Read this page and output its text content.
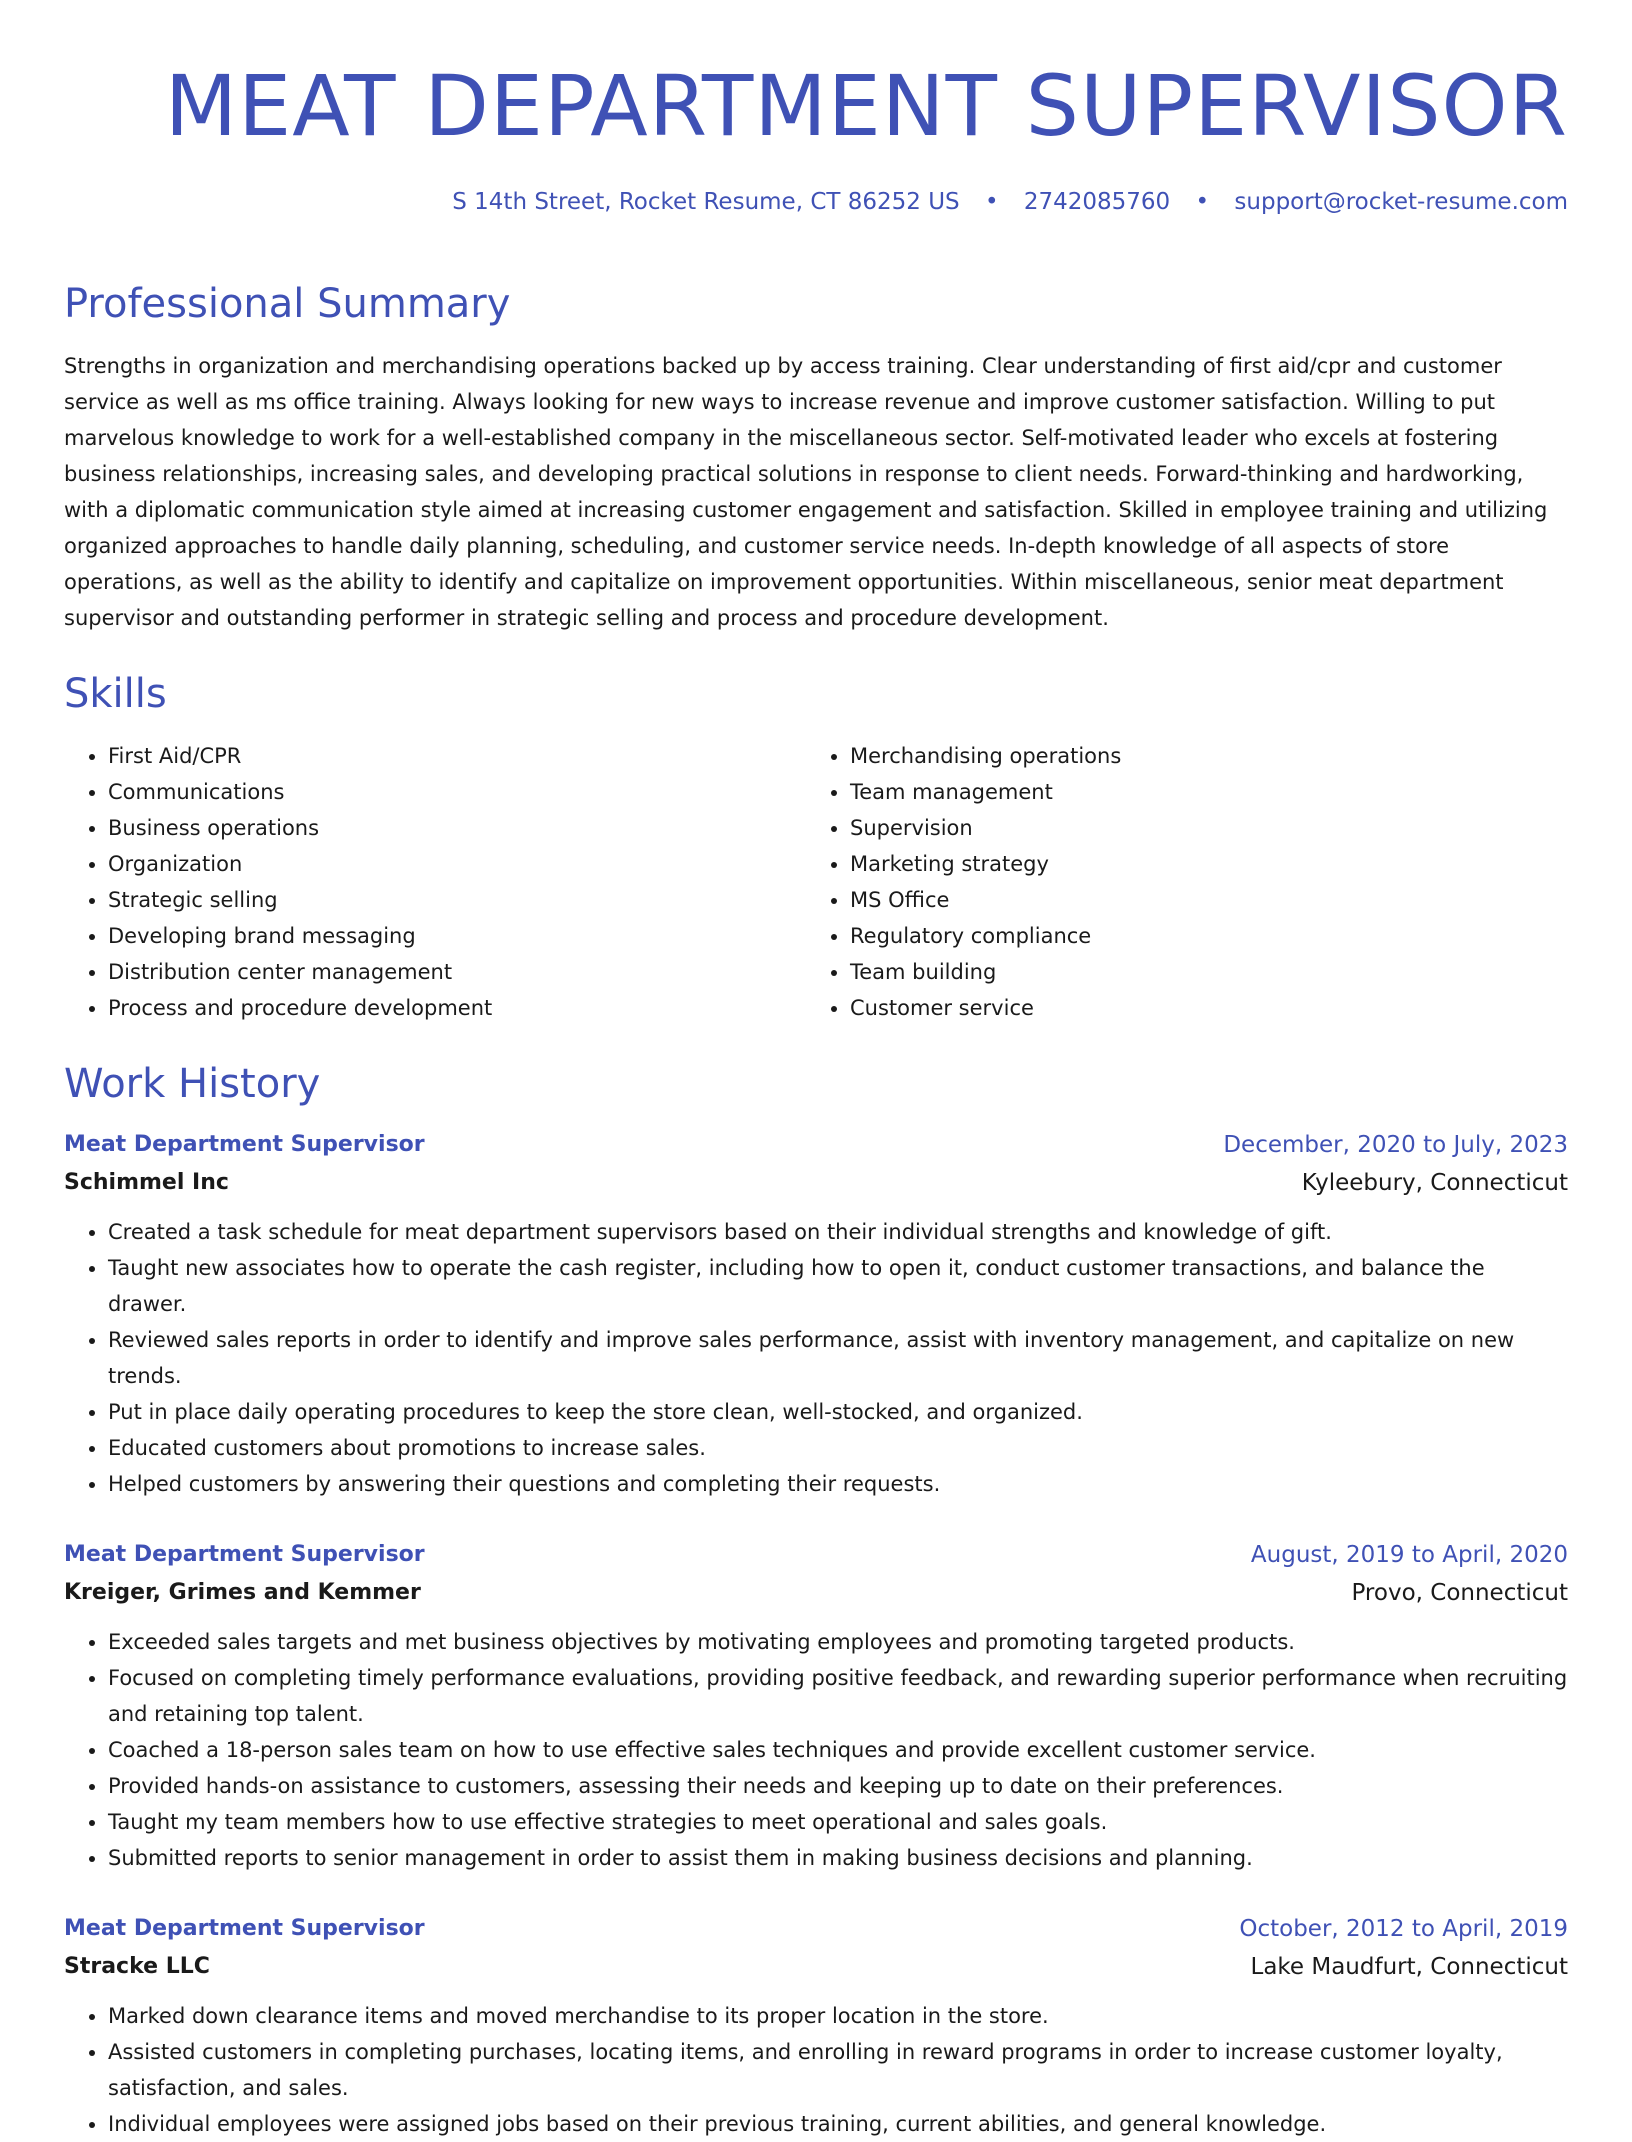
MEAT DEPARTMENT SUPERVISOR
S 14th Street, Rocket Resume, CT 86252 US • 2742085760 • support@rocket-resume.com
Professional Summary

Strengths in organization and merchandising operations backed up by access training. Clear understanding of first aid/cpr and customer service as well as ms office training. Always looking for new ways to increase revenue and improve customer satisfaction. Willing to put marvelous knowledge to work for a well-established company in the miscellaneous sector. Self-motivated leader who excels at fostering business relationships, increasing sales, and developing practical solutions in response to client needs. Forward-thinking and hardworking, with a diplomatic communication style aimed at increasing customer engagement and satisfaction. Skilled in employee training and utilizing organized approaches to handle daily planning, scheduling, and customer service needs. In-depth knowledge of all aspects of store operations, as well as the ability to identify and capitalize on improvement opportunities. Within miscellaneous, senior meat department supervisor and outstanding performer in strategic selling and process and procedure development.

Skills
• First Aid/CPR
• Communications
• Business operations
• Organization
• Strategic selling
• Developing brand messaging
• Distribution center management
• Process and procedure development
• Merchandising operations
• Team management
• Supervision
• Marketing strategy
• MS Office
• Regulatory compliance
• Team building
• Customer service
Work History
Meat Department Supervisor	December, 2020 to July, 2023
Schimmel Inc	Kyleebury, Connecticut
• Created a task schedule for meat department supervisors based on their individual strengths and knowledge of gift.
• Taught new associates how to operate the cash register, including how to open it, conduct customer transactions, and balance the drawer.
• Reviewed sales reports in order to identify and improve sales performance, assist with inventory management, and capitalize on new trends.
• Put in place daily operating procedures to keep the store clean, well-stocked, and organized.
• Educated customers about promotions to increase sales.
• Helped customers by answering their questions and completing their requests.
Meat Department Supervisor	August, 2019 to April, 2020
Kreiger, Grimes and Kemmer	Provo, Connecticut
• Exceeded sales targets and met business objectives by motivating employees and promoting targeted products.
• Focused on completing timely performance evaluations, providing positive feedback, and rewarding superior performance when recruiting and retaining top talent.
• Coached a 18-person sales team on how to use effective sales techniques and provide excellent customer service.
• Provided hands-on assistance to customers, assessing their needs and keeping up to date on their preferences.
• Taught my team members how to use effective strategies to meet operational and sales goals.
• Submitted reports to senior management in order to assist them in making business decisions and planning.
Meat Department Supervisor	October, 2012 to April, 2019
Stracke LLC	Lake Maudfurt, Connecticut
• Marked down clearance items and moved merchandise to its proper location in the store.
• Assisted customers in completing purchases, locating items, and enrolling in reward programs in order to increase customer loyalty, satisfaction, and sales.
• Individual employees were assigned jobs based on their previous training, current abilities, and general knowledge.
